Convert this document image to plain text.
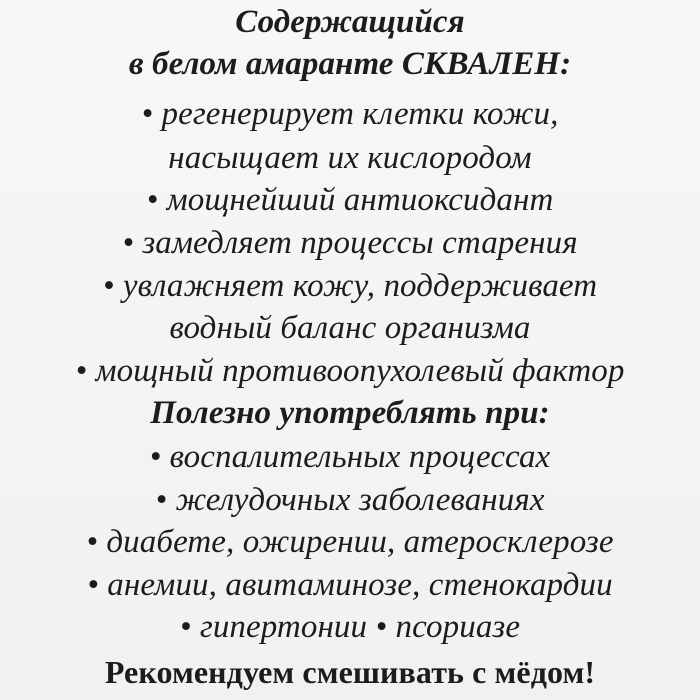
Содержащийся
в белом амаранте СКВАЛЕН:
• регенерирует клетки кожи,
насыщает их кислородом
• мощнейший антиоксидант
• замедляет процессы старения
• увлажняет кожу, поддерживает
водный баланс организма
• мощный противоопухолевый фактор
Полезно употреблять при:
• воспалительных процессах
• желудочных заболеваниях
• диабете, ожирении, атеросклерозе
• анемии, авитаминозе, стенокардии
• гипертонии • псориазе
Рекомендуем смешивать с мёдом!
